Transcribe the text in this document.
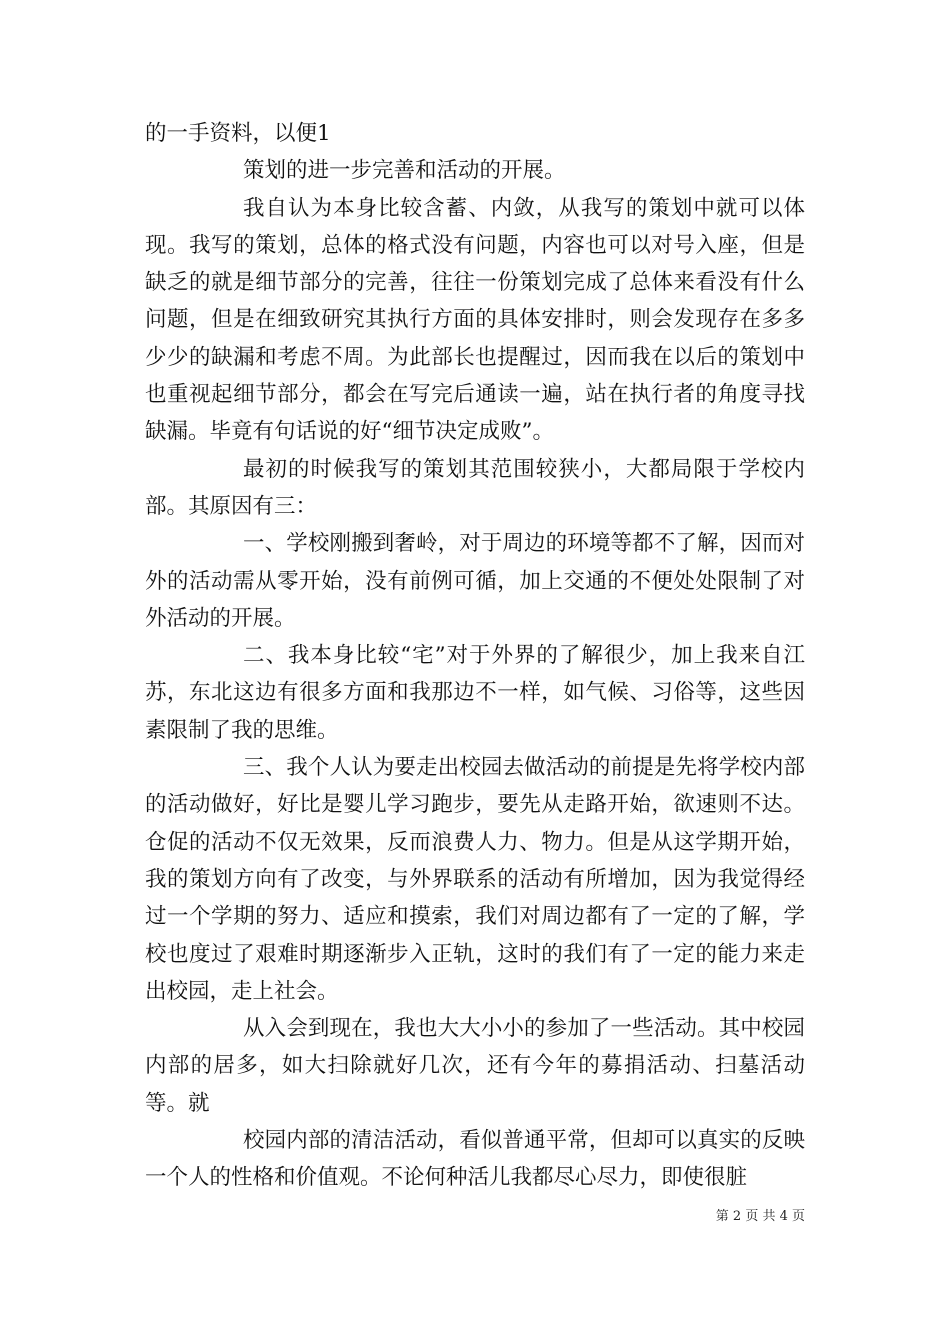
的一手资料，以便1

策划的进一步完善和活动的开展。

我自认为本身比较含蓄、内敛，从我写的策划中就可以体现。我写的策划，总体的格式没有问题，内容也可以对号入座，但是缺乏的就是细节部分的完善，往往一份策划完成了总体来看没有什么问题，但是在细致研究其执行方面的具体安排时，则会发现存在多多少少的缺漏和考虑不周。为此部长也提醒过，因而我在以后的策划中也重视起细节部分，都会在写完后通读一遍，站在执行者的角度寻找缺漏。毕竟有句话说的好“细节决定成败”。

最初的时候我写的策划其范围较狭小，大都局限于学校内部。其原因有三：

一、学校刚搬到奢岭，对于周边的环境等都不了解，因而对外的活动需从零开始，没有前例可循，加上交通的不便处处限制了对外活动的开展。

二、我本身比较“宅”对于外界的了解很少，加上我来自江苏，东北这边有很多方面和我那边不一样，如气候、习俗等，这些因素限制了我的思维。

三、我个人认为要走出校园去做活动的前提是先将学校内部的活动做好，好比是婴儿学习跑步，要先从走路开始，欲速则不达。仓促的活动不仅无效果，反而浪费人力、物力。但是从这学期开始，我的策划方向有了改变，与外界联系的活动有所增加，因为我觉得经过一个学期的努力、适应和摸索，我们对周边都有了一定的了解，学校也度过了艰难时期逐渐步入正轨，这时的我们有了一定的能力来走出校园，走上社会。

从入会到现在，我也大大小小的参加了一些活动。其中校园内部的居多，如大扫除就好几次，还有今年的募捐活动、扫墓活动等。就

校园内部的清洁活动，看似普通平常，但却可以真实的反映一个人的性格和价值观。不论何种活儿我都尽心尽力，即使很脏

第 2 页 共 4 页
